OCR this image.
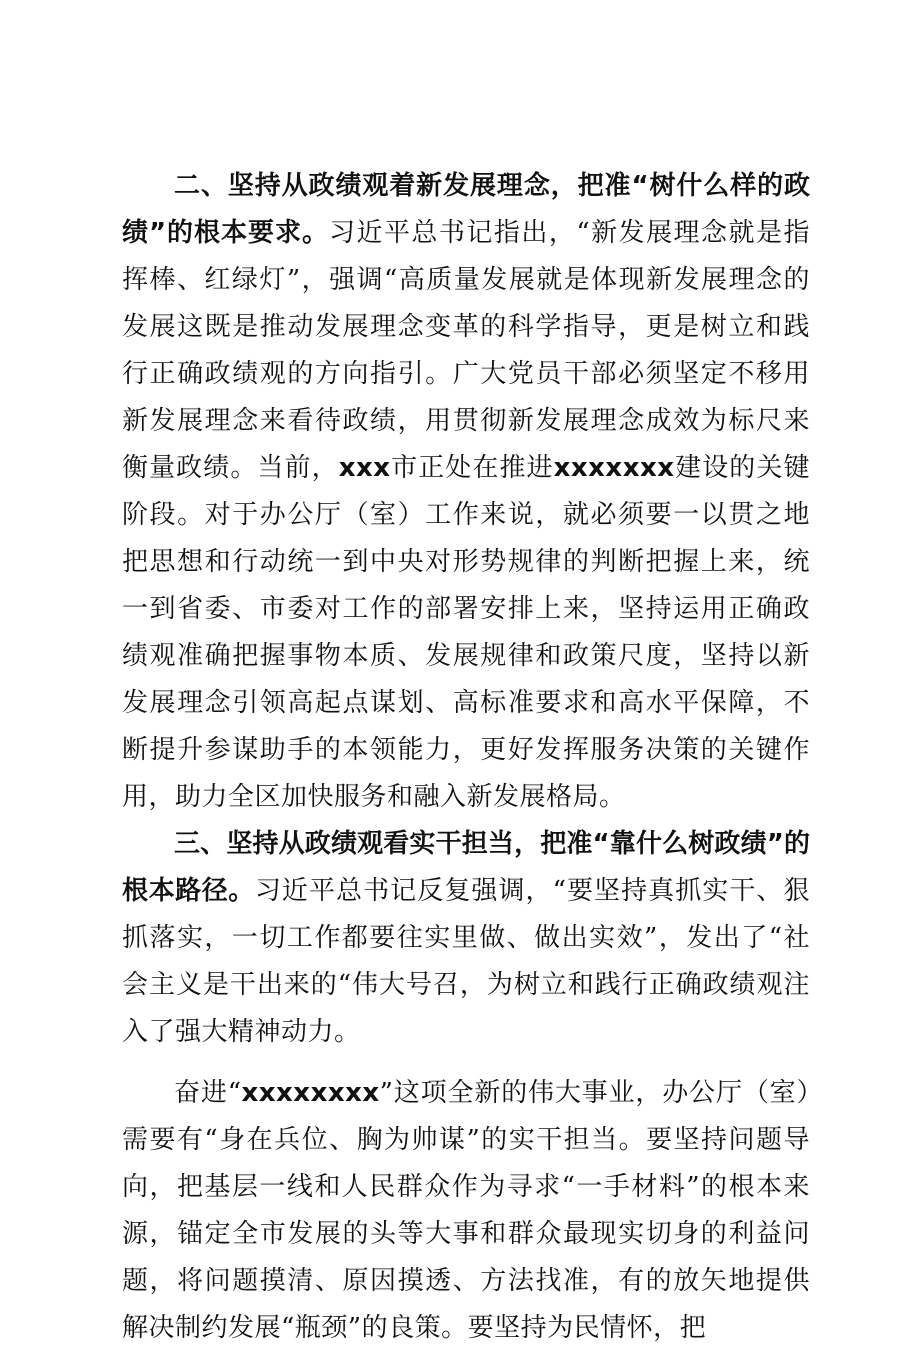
二、坚持从政绩观着新发展理念，把准“树什么样的政绩”的根本要求。习近平总书记指出，“新发展理念就是指挥棒、红绿灯”，强调“高质量发展就是体现新发展理念的发展这既是推动发展理念变革的科学指导，更是树立和践行正确政绩观的方向指引。广大党员干部必须坚定不移用新发展理念来看待政绩，用贯彻新发展理念成效为标尺来衡量政绩。当前，xxx市正处在推进xxxxxxx建设的关键阶段。对于办公厅（室）工作来说，就必须要一以贯之地把思想和行动统一到中央对形势规律的判断把握上来，统一到省委、市委对工作的部署安排上来，坚持运用正确政绩观准确把握事物本质、发展规律和政策尺度，坚持以新发展理念引领高起点谋划、高标准要求和高水平保障，不断提升参谋助手的本领能力，更好发挥服务决策的关键作用，助力全区加快服务和融入新发展格局。

三、坚持从政绩观看实干担当，把准“靠什么树政绩”的根本路径。习近平总书记反复强调，“要坚持真抓实干、狠抓落实，一切工作都要往实里做、做出实效”，发出了“社会主义是干出来的“伟大号召，为树立和践行正确政绩观注入了强大精神动力。

奋进“xxxxxxxx”这项全新的伟大事业，办公厅（室）需要有“身在兵位、胸为帅谋”的实干担当。要坚持问题导向，把基层一线和人民群众作为寻求“一手材料”的根本来源，锚定全市发展的头等大事和群众最现实切身的利益问题，将问题摸清、原因摸透、方法找准，有的放矢地提供解决制约发展“瓶颈”的良策。要坚持为民情怀，把
